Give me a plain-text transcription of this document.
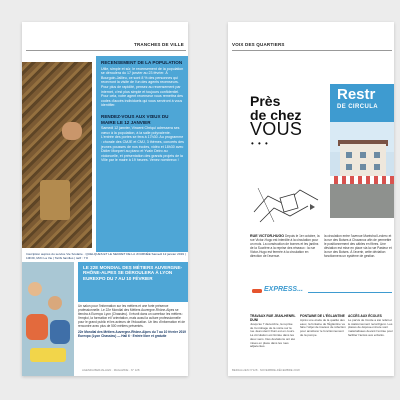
TRANCHES DE VILLE
RECENSEMENT DE LA POPULATION
Utile, simple et sûr, le recensement de la population se déroulera du 17 janvier au 23 février. À Bourgoin-Jallieu, ce sont 8 % des personnes qui recevront la visite de l'un des agents recenseurs. Pour plus de rapidité, pensez au recensement par internet, c'est plus simple et toujours confidentiel. Pour cela, votre agent recenseur vous remettra des codes d'accès individuels qui vous serviront à vous identifier.
RENDEZ-VOUS AUX VŒUX DU MAIRE LE 12 JANVIER
Samedi 12 janvier, Vincent Chriqui adressera ses vœux à la population, à la salle polyvalente. L'entrée des portes se fera à 17h30. Au programme : chorale des CMJE et CMJ, 3 thèmes, concerts des jeunes pousses de nos écoles, vidéo et 18h30 avec Didier Monpert au piano et Yvain Deiro au violoncelle, et présentation des grands projets de la Ville par le maire à 19 heures. Venez nombreux !
Inscription auprès du service Vie Scolaire · QUELQUES ET LE SECRET DE LA JOURNÉE Samedi 12 janvier 2019 | 10h30, MJC La Vie | Tarifs familles | tarif : 7 €
LE 22E MONDIAL DES MÉTIERS AUVERGNE-RHÔNE-ALPES SE DÉROULERA À LYON EUREXPO DU 7 AU 10 FÉVRIER
Un salon pour l'information sur les métiers et une forte présence professionnelle. Le 22e Mondial des Métiers Auvergne-Rhône-Alpes se tiendra à Eurexpo Lyon (Chassieu). Il réunit dans un carrefour les métiers : l'emploi, la formation et l'orientation, mais aussi la culture professionnelle pour le grand public et les acteurs de l'éducation. Un lieu d'information et de rencontre avec plus de 500 métiers présentés.
22e Mondial des Métiers Auvergne-Rhône-Alpes du 7 au 10 février 2019 Eurexpo (Lyon Chassieu) — Hall 6 · Entrée libre et gratuite
AGENDA BERJALLIEN · MAGAZINE · N° 128
VOIX DES QUARTIERS
Près
de chez
VOUS
• • •
Restr
DE CIRCULA
RUE VICTOR-HUGO Depuis le 1er octobre, la rue Victor-Hugo est interdite à la circulation pour un mois. La construction de bornes et les jardins de la Sucrière a la reprise des réseaux : la rue Victor-Hugo est fermée à la circulation en direction de l'avenue.
la circulation entre l'avenue Maréchal Leclerc et la rue des Boises à Chavanoz afin de permettre le positionnement des câbles en fibres. Une déviation est mise en place via la rue Pasteur et la rue des Boises. À l'avenir, cette déviation fonctionnera un système de gestion.
EXPRESS...
TRAVAUX RUE JEAN-HENRI-DUNI
Jusqu'au 7 décembre, la reprise de l'enrobage de la voirie sur la rue Jean-Henri Duni est en cours. La circulation est limitée dans les deux sens. Des déviations ont été mises en place dans les rues adjacentes.
FONTAINE DE L'ÉGLANTINE
Après une étude de la qualité des eaux, la fontaine de l'Églantine va faire l'objet de travaux de réfection pour améliorer le fonctionnement de la pompe.
ACCÈS AUX ÉCOLES
Le parvis de l'école a été refait et le stationnement reconfiguré. Les places de dépose-minute sont matérialisées devant l'entrée pour faciliter l'accès aux enfants.
BERJALLIEN N°128 · NOVEMBRE-DÉCEMBRE 2018
